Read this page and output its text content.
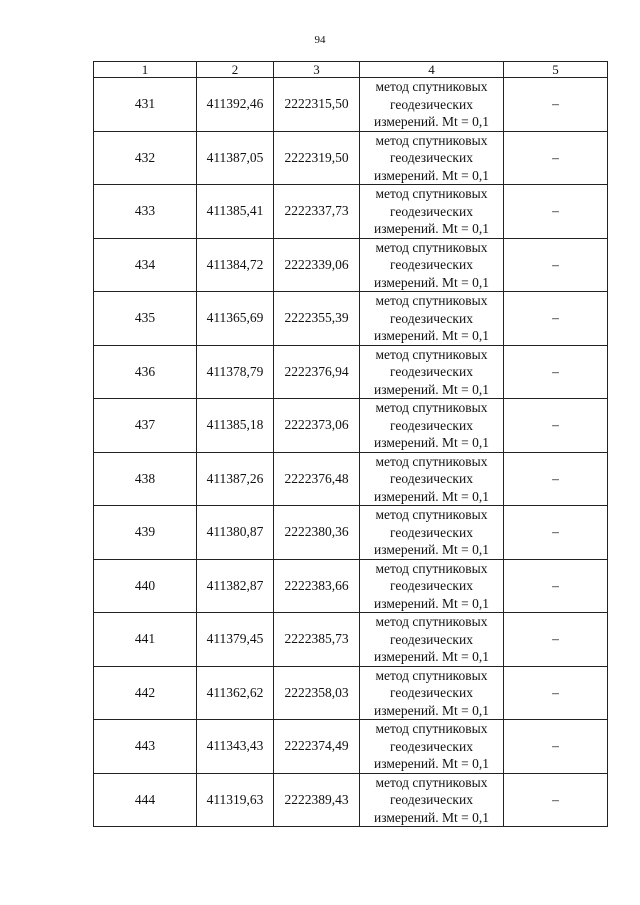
94
1	2	3	4	5
431	411392,46	2222315,50	метод спутниковых
геодезических
измерений. Mt = 0,1	–
432	411387,05	2222319,50	метод спутниковых
геодезических
измерений. Mt = 0,1	–
433	411385,41	2222337,73	метод спутниковых
геодезических
измерений. Mt = 0,1	–
434	411384,72	2222339,06	метод спутниковых
геодезических
измерений. Mt = 0,1	–
435	411365,69	2222355,39	метод спутниковых
геодезических
измерений. Mt = 0,1	–
436	411378,79	2222376,94	метод спутниковых
геодезических
измерений. Mt = 0,1	–
437	411385,18	2222373,06	метод спутниковых
геодезических
измерений. Mt = 0,1	–
438	411387,26	2222376,48	метод спутниковых
геодезических
измерений. Mt = 0,1	–
439	411380,87	2222380,36	метод спутниковых
геодезических
измерений. Mt = 0,1	–
440	411382,87	2222383,66	метод спутниковых
геодезических
измерений. Mt = 0,1	–
441	411379,45	2222385,73	метод спутниковых
геодезических
измерений. Mt = 0,1	–
442	411362,62	2222358,03	метод спутниковых
геодезических
измерений. Mt = 0,1	–
443	411343,43	2222374,49	метод спутниковых
геодезических
измерений. Mt = 0,1	–
444	411319,63	2222389,43	метод спутниковых
геодезических
измерений. Mt = 0,1	–
